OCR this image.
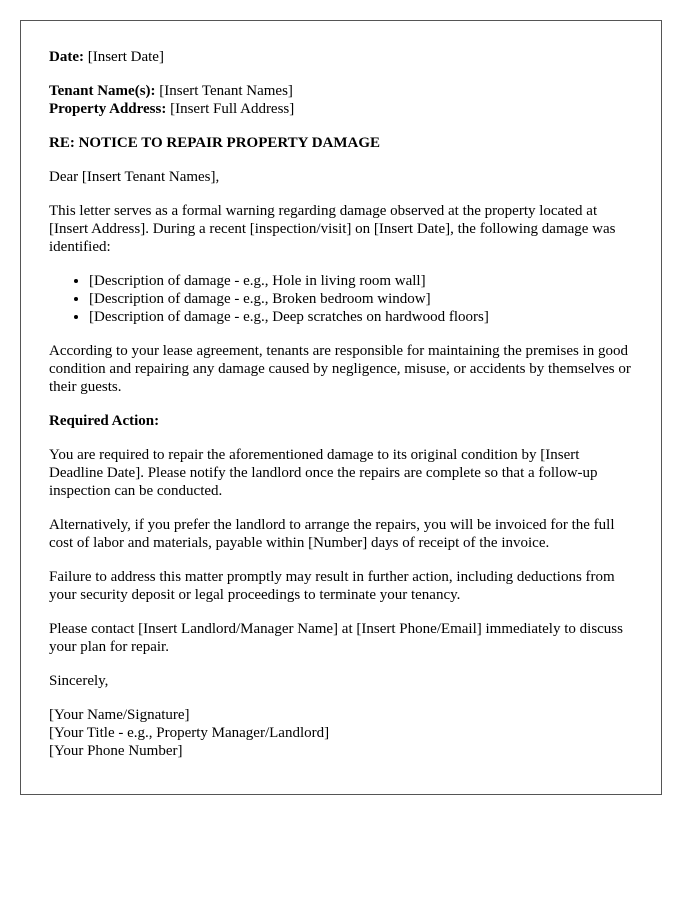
Date: [Insert Date]

Tenant Name(s): [Insert Tenant Names]
Property Address: [Insert Full Address]

RE: NOTICE TO REPAIR PROPERTY DAMAGE

Dear [Insert Tenant Names],

This letter serves as a formal warning regarding damage observed at the property located at [Insert Address]. During a recent [inspection/visit] on [Insert Date], the following damage was identified:

• [Description of damage - e.g., Hole in living room wall]
• [Description of damage - e.g., Broken bedroom window]
• [Description of damage - e.g., Deep scratches on hardwood floors]

According to your lease agreement, tenants are responsible for maintaining the premises in good condition and repairing any damage caused by negligence, misuse, or accidents by themselves or their guests.

Required Action:

You are required to repair the aforementioned damage to its original condition by [Insert Deadline Date]. Please notify the landlord once the repairs are complete so that a follow-up inspection can be conducted.

Alternatively, if you prefer the landlord to arrange the repairs, you will be invoiced for the full cost of labor and materials, payable within [Number] days of receipt of the invoice.

Failure to address this matter promptly may result in further action, including deductions from your security deposit or legal proceedings to terminate your tenancy.

Please contact [Insert Landlord/Manager Name] at [Insert Phone/Email] immediately to discuss your plan for repair.

Sincerely,

[Your Name/Signature]
[Your Title - e.g., Property Manager/Landlord]
[Your Phone Number]
